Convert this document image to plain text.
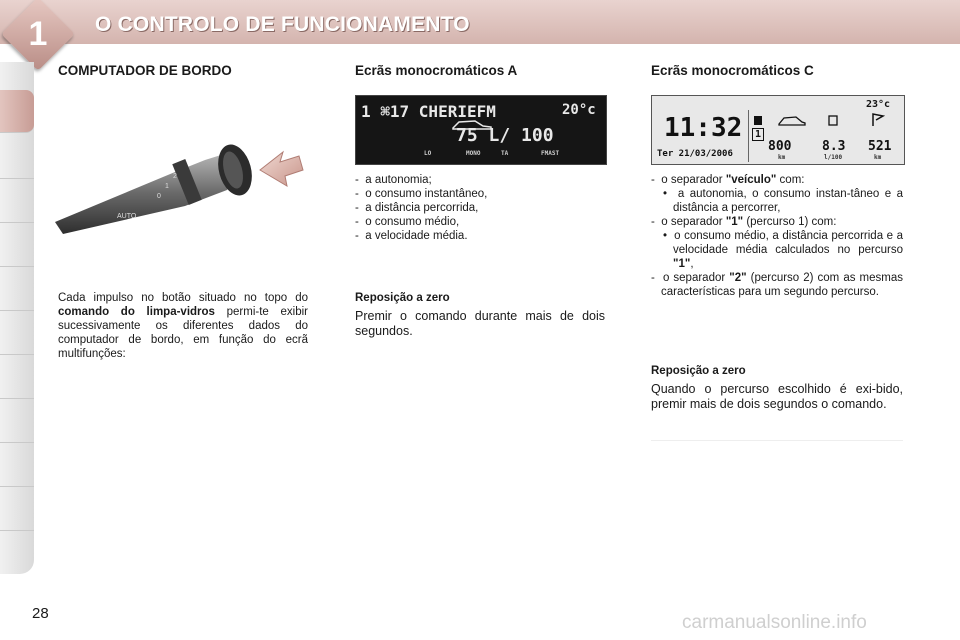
1	O CONTROLO DE FUNCIONAMENTO
COMPUTADOR DE BORDO
AUTO
0
1
2
Cada impulso no botão situado no topo do comando do limpa-vidros permi-te exibir sucessivamente os diferentes dados do computador de bordo, em função do ecrã multifunções:
Ecrãs monocromáticos A
1 ⌘17 CHERIEFM	20°c
75 L/ 100
LO	MONO	TA	FMAST
-  a autonomia;
-  o consumo instantâneo,
-  a distância percorrida,
-  o consumo médio,
-  a velocidade média.
Reposição a zero
Premir o comando durante mais de dois segundos.
Ecrãs monocromáticos C
23°c
11:32
Ter 21/03/2006
1
800 8.3 521
km	l/100	km
-  o separador "veículo" com:
•  a autonomia, o consumo instan-tâneo e a distância a percorrer,
-  o separador "1" (percurso 1) com:
•  o consumo médio, a distância percorrida e a velocidade média calculados no percurso "1",
-  o separador "2" (percurso 2) com as mesmas características para um segundo percurso.
Reposição a zero
Quando o percurso escolhido é exi-bido, premir mais de dois segundos o comando.
28	carmanualsonline.info
